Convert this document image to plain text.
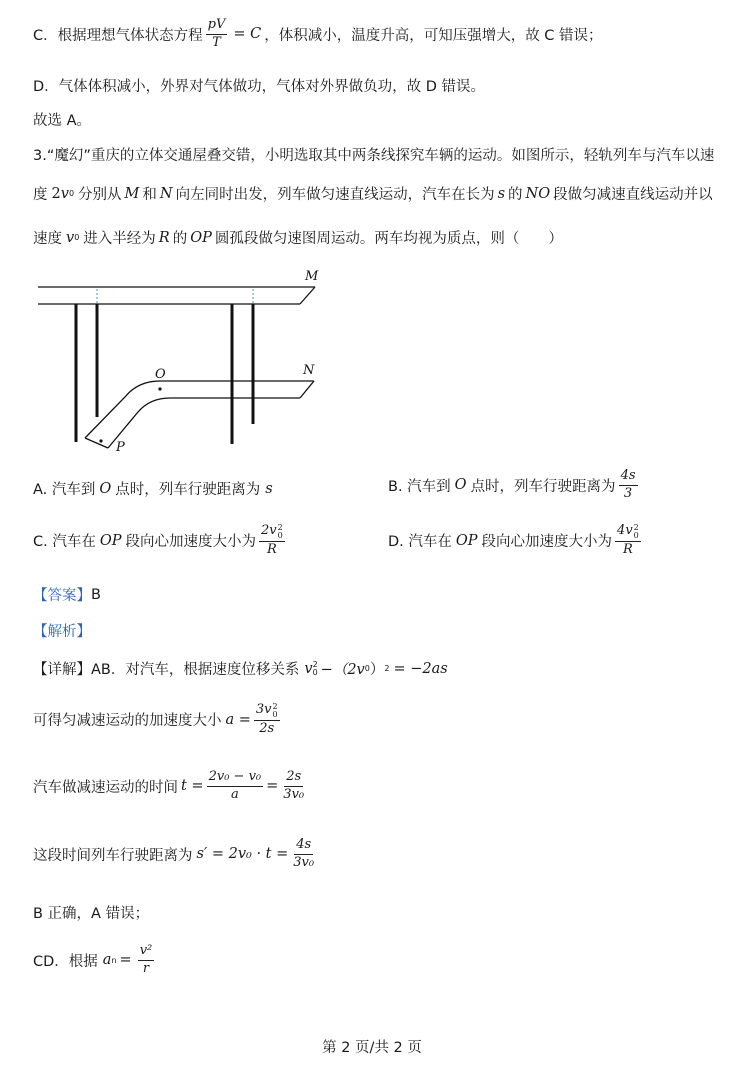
C．根据理想气体状态方程 $\frac{pV}{T} = C$ ，体积减小，温度升高，可知压强增大，故 C 错误；
D．气体体积减小，外界对气体做功，气体对外界做负功，故 D 错误。
故选 A。
3.“魔幻”重庆的立体交通屋叠交错，小明选取其中两条线探究车辆的运动。如图所示，轻轨列车与汽车以速
度 2 v 0 分别从 M 和 N 向左同时出发，列车做匀速直线运动，汽车在长为 s 的 NO 段做匀减速直线运动并以
速度 v 0 进入半经为 R 的 OP 圆孤段做匀速图周运动。两车均视为质点，则（　　）
M
N
O
P
A. 汽车到 O 点时，列车行驶距离为 s	B. 汽车到 O 点时，列车行驶距离为 $\frac{4s}{3}$
C. 汽车在 OP 段向心加速度大小为 2v 2
0
R	D. 汽车在 OP 段向心加速度大小为 4v 2
0
R
【答案】 B
【解析】
【详解】 AB．对汽车，根据速度位移关系 v 2
0 −（2v 0 ） 2 = −2as
可得匀减速运动的加速度大小 a = 3v 2
0
2s
汽车做减速运动的时间 $t = \frac{\text{2v₀ − v₀}}{a} = \frac{2s}{\text{3v₀}}$
这段时间列车行驶距离为 $s' = 2v_0 \cdot t = \frac{4s}{\text{3v₀}}$
B 正确，A 错误；
CD．根据 a $n = \frac{\text{v²}}{r}$
第 2 页/共 2 页
